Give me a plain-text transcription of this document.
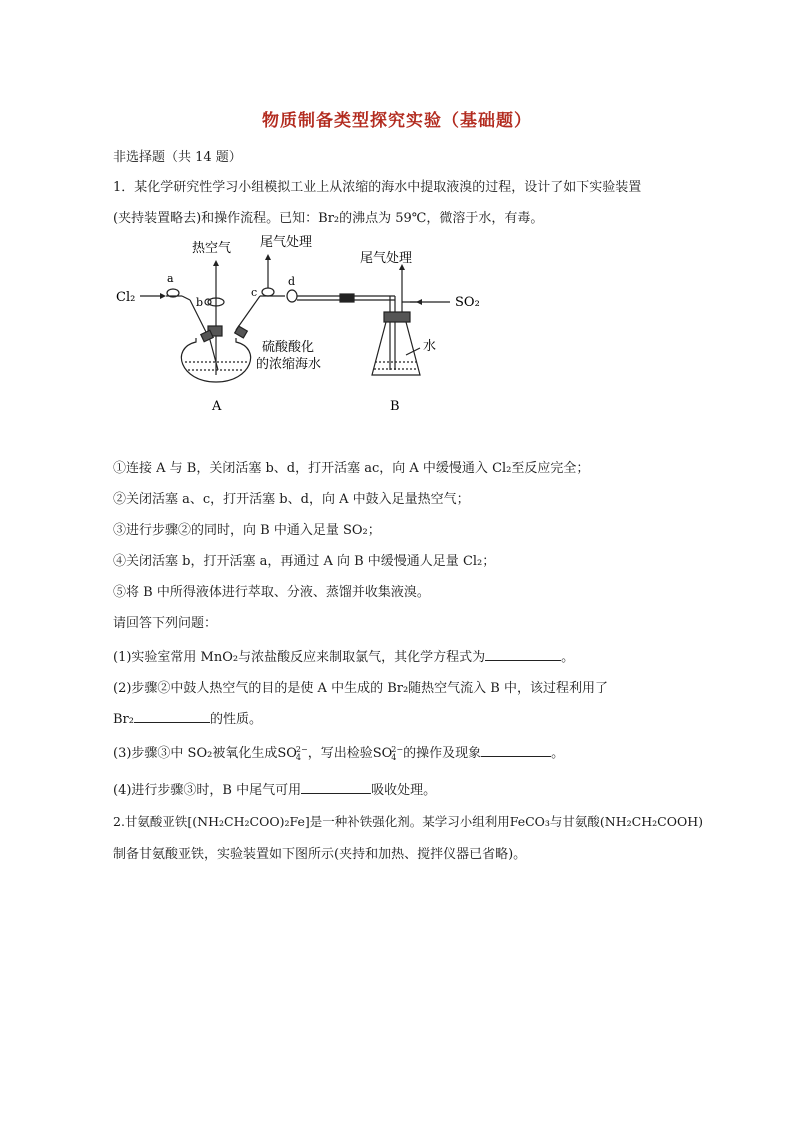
物质制备类型探究实验（基础题）
非选择题（共 14 题）
1．某化学研究性学习小组模拟工业上从浓缩的海水中提取液溴的过程，设计了如下实验装置
(夹持装置略去)和操作流程。已知：Br₂的沸点为 59℃，微溶于水，有毒。
热空气 尾气处理
尾气处理
Cl₂	SO₂
a
b
c
d
硫酸酸化
的浓缩海水
水
A	B
①连接 A 与 B，关闭活塞 b、d，打开活塞 ac，向 A 中缓慢通入 Cl₂至反应完全；
②关闭活塞 a、c，打开活塞 b、d，向 A 中鼓入足量热空气；
③进行步骤②的同时，向 B 中通入足量 SO₂；
④关闭活塞 b，打开活塞 a，再通过 A 向 B 中缓慢通人足量 Cl₂；
⑤将 B 中所得液体进行萃取、分液、蒸馏并收集液溴。
请回答下列问题：
(1)实验室常用 MnO₂与浓盐酸反应来制取氯气，其化学方程式为	。
(2)步骤②中鼓人热空气的目的是使 A 中生成的 Br₂随热空气流入 B 中，该过程利用了
Br₂	的性质。
(3)步骤③中 SO₂被氧化生成SO 2−
4 ，写出检验SO 2−
4 的操作及现象	。
(4)进行步骤③时，B 中尾气可用	吸收处理。
2.甘氨酸亚铁[(NH₂CH₂COO)₂Fe]是一种补铁强化剂。某学习小组利用FeCO₃与甘氨酸(NH₂CH₂COOH)
制备甘氨酸亚铁，实验装置如下图所示(夹持和加热、搅拌仪器已省略)。
